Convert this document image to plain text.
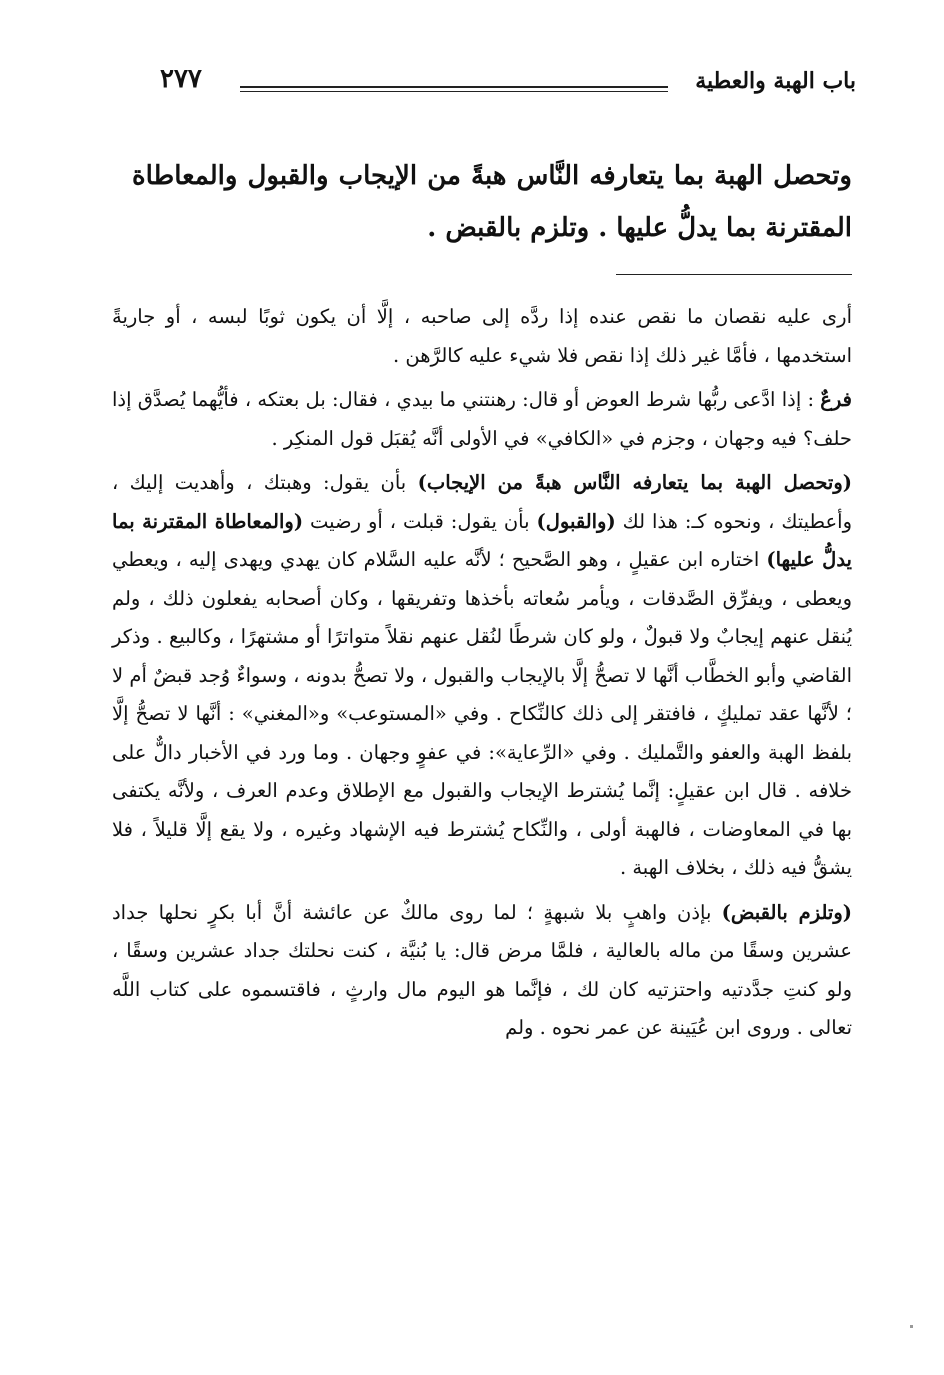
باب الهبة والعطية
٢٧٧
وتحصل الهبة بما يتعارفه النَّاس هبةً من الإيجاب والقبول والمعاطاة المقترنة بما يدلُّ عليها . وتلزم بالقبض .

أرى عليه نقصان ما نقص عنده إذا ردَّه إلى صاحبه ، إلَّا أن يكون ثوبًا لبسه ، أو جاريةً استخدمها ، فأمَّا غير ذلك إذا نقص فلا شيء عليه كالرَّهن .

فرعٌ : إذا ادَّعى ربُّها شرط العوض أو قال: رهنتني ما بيدي ، فقال: بل بعتكه ، فأيُّهما يُصدَّق إذا حلف؟ فيه وجهان ، وجزم في «الكافي» في الأولى أنَّه يُقبَل قول المنكِر .

(وتحصل الهبة بما يتعارفه النَّاس هبةً من الإيجاب) بأن يقول: وهبتك ، وأهديت إليك ، وأعطيتك ، ونحوه كـ: هذا لك (والقبول) بأن يقول: قبلت ، أو رضيت (والمعاطاة المقترنة بما يدلُّ عليها) اختاره ابن عقيلٍ ، وهو الصَّحيح ؛ لأنَّه عليه السَّلام كان يهدي ويهدى إليه ، ويعطي ويعطى ، ويفرِّق الصَّدقات ، ويأمر سُعاته بأخذها وتفريقها ، وكان أصحابه يفعلون ذلك ، ولم يُنقل عنهم إيجابٌ ولا قبولٌ ، ولو كان شرطًا لنُقل عنهم نقلاً متواترًا أو مشتهرًا ، وكالبيع . وذكر القاضي وأبو الخطَّاب أنَّها لا تصحُّ إلَّا بالإيجاب والقبول ، ولا تصحُّ بدونه ، وسواءٌ وُجد قبضٌ أم لا ؛ لأنَّها عقد تمليكٍ ، فافتقر إلى ذلك كالنِّكاح . وفي «المستوعب» و«المغني» : أنَّها لا تصحُّ إلَّا بلفظ الهبة والعفو والتَّمليك . وفي «الرِّعاية»: في عفوٍ وجهان . وما ورد في الأخبار دالٌّ على خلافه . قال ابن عقيلٍ: إنَّما يُشترط الإيجاب والقبول مع الإطلاق وعدم العرف ، ولأنَّه يكتفى بها في المعاوضات ، فالهبة أولى ، والنِّكاح يُشترط فيه الإشهاد وغيره ، ولا يقع إلَّا قليلاً ، فلا يشقُّ فيه ذلك ، بخلاف الهبة .

(وتلزم بالقبض) بإذن واهبٍ بلا شبهةٍ ؛ لما روى مالكٌ عن عائشة أنَّ أبا بكرٍ نحلها جداد عشرين وسقًا من ماله بالعالية ، فلمَّا مرض قال: يا بُنيَّة ، كنت نحلتك جداد عشرين وسقًا ، ولو كنتِ جدَّدتيه واحتزتيه كان لك ، فإنَّما هو اليوم مال وارثٍ ، فاقتسموه على كتاب اللَّه تعالى . وروى ابن عُيَينة عن عمر نحوه . ولم
